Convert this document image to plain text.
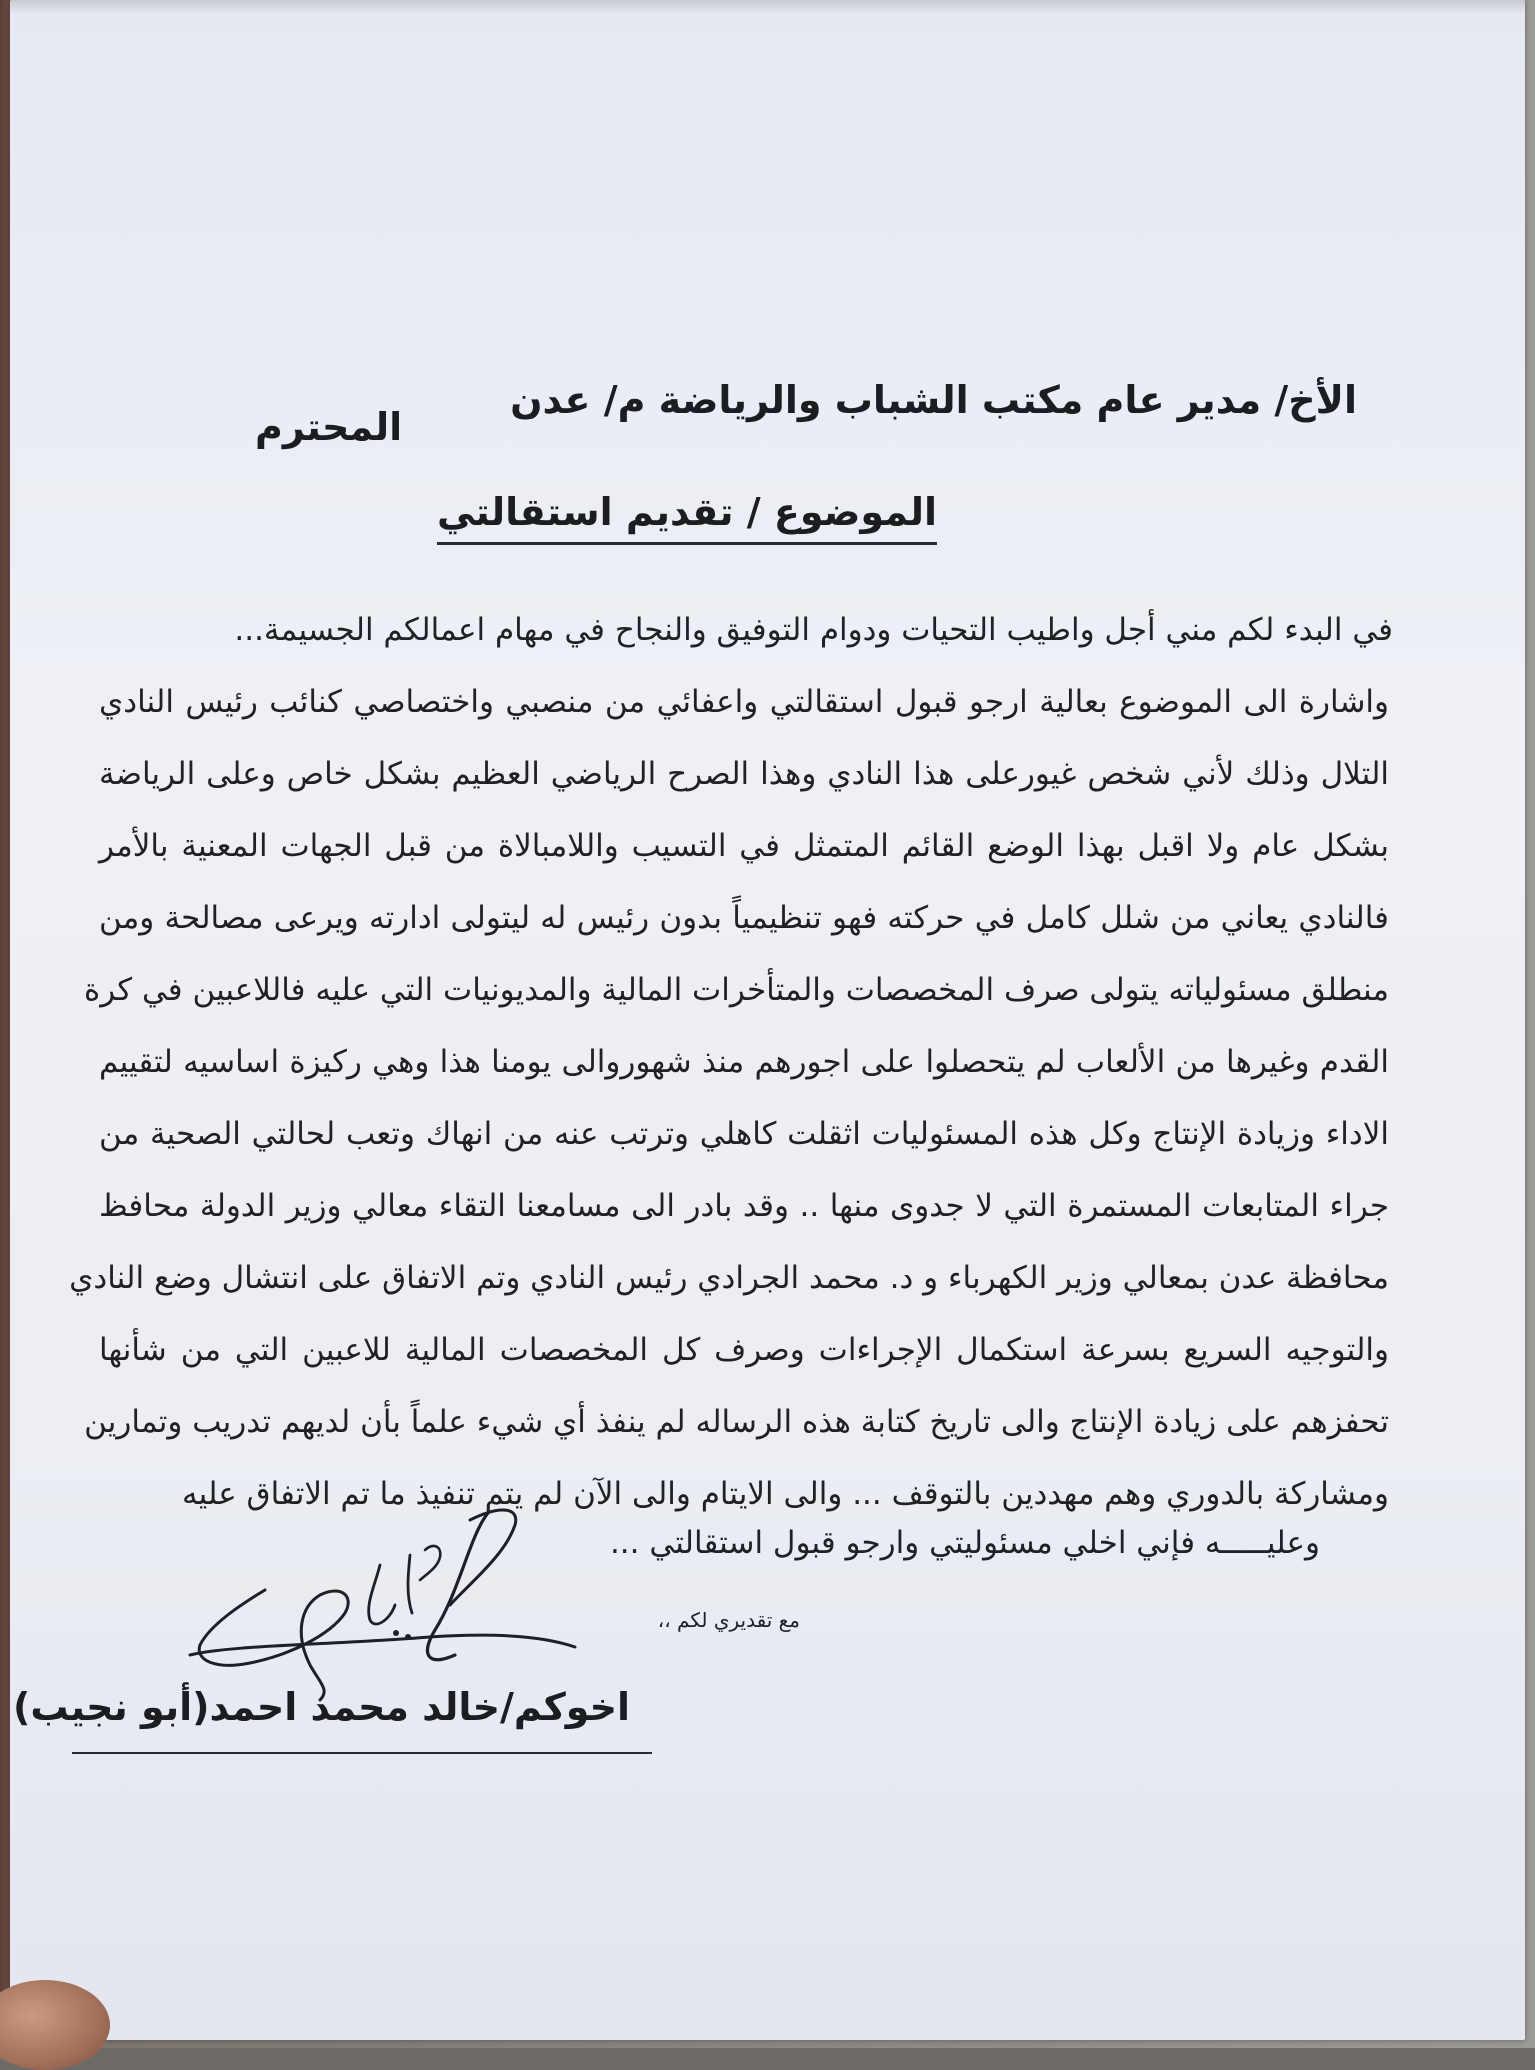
الأخ/ مدير عام مكتب الشباب والرياضة م/ عدن
المحترم
الموضوع / تقديم استقالتي
في البدء لكم مني أجل واطيب التحيات ودوام التوفيق والنجاح في مهام اعمالكم الجسيمة...
واشارة الى الموضوع بعالية ارجو قبول استقالتي واعفائي من منصبي واختصاصي كنائب رئيس النادي
التلال وذلك لأني شخص غيورعلى هذا النادي وهذا الصرح الرياضي العظيم بشكل خاص وعلى الرياضة
بشكل عام ولا اقبل بهذا الوضع القائم المتمثل في التسيب واللامبالاة من قبل الجهات المعنية بالأمر
فالنادي يعاني من شلل كامل في حركته فهو تنظيمياً بدون رئيس له ليتولى ادارته ويرعى مصالحة ومن
منطلق مسئولياته يتولى صرف المخصصات والمتأخرات المالية والمديونيات التي عليه فاللاعبين في كرة
القدم وغيرها من الألعاب لم يتحصلوا على اجورهم منذ شهوروالى يومنا هذا وهي ركيزة اساسيه لتقييم
الاداء وزيادة الإنتاج وكل هذه المسئوليات اثقلت كاهلي وترتب عنه من انهاك وتعب لحالتي الصحية من
جراء المتابعات المستمرة التي لا جدوى منها .. وقد بادر الى مسامعنا التقاء معالي وزير الدولة محافظ
محافظة عدن بمعالي وزير الكهرباء و د. محمد الجرادي رئيس النادي وتم الاتفاق على انتشال وضع النادي
والتوجيه السريع بسرعة استكمال الإجراءات وصرف كل المخصصات المالية للاعبين التي من شأنها
تحفزهم على زيادة الإنتاج والى تاريخ كتابة هذه الرساله لم ينفذ أي شيء علماً بأن لديهم تدريب وتمارين
ومشاركة بالدوري وهم مهددين بالتوقف ... والى الايتام والى الآن لم يتم تنفيذ ما تم الاتفاق عليه
وعليـــــه فإني اخلي مسئوليتي وارجو قبول استقالتي ...
مع تقديري لكم ،،
اخوكم/خالد محمد احمد(أبو نجيب)
